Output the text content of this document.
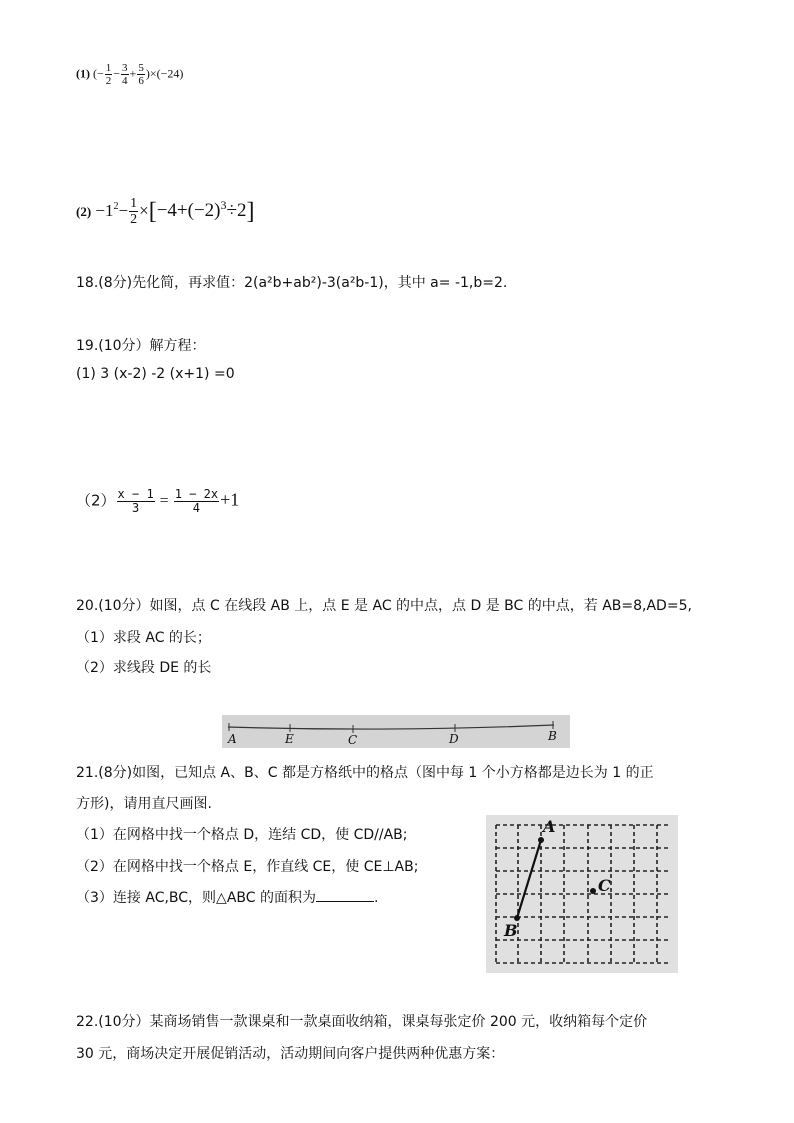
(1) (− $\frac{1}{2} - \frac{3}{4} + \frac{5}{6} )\times(-24)$
$(2) -1^2- \frac{1}{2} \times[-4+(-2)^3\div 2]$
18.(8分)先化简，再求值：2(a²b+ab²)-3(a²b-1)，其中 a= -1,b=2.
19.(10分）解方程：
(1) 3 (x-2) -2 (x+1) =0
$(2) \frac{x - 1}{3} = \frac{1 - 2x}{4} +1$
20.(10分）如图，点 C 在线段 AB 上，点 E 是 AC 的中点，点 D 是 BC 的中点，若 AB=8,AD=5,
（1）求段 AC 的长；
（2）求线段 DE 的长
A	E	C	D	B
21.(8分)如图，已知点 A、B、C 都是方格纸中的格点（图中每 1 个小方格都是边长为 1 的正
方形)，请用直尺画图.
（1）在网格中找一个格点 D，连结 CD，使 CD//AB;
（2）在网格中找一个格点 E，作直线 CE，使 CE⊥AB;
（3）连接 AC,BC，则△ABC 的面积为	.
A
B
C
22.(10分）某商场销售一款课桌和一款桌面收纳箱，课桌每张定价 200 元，收纳箱每个定价
30 元，商场决定开展促销活动，活动期间向客户提供两种优惠方案：
